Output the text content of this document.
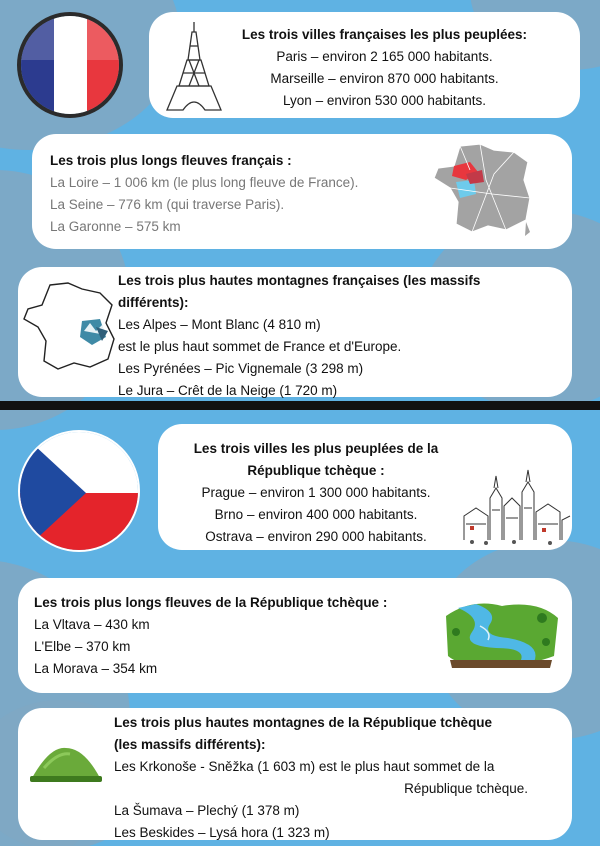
Les trois villes françaises les plus peuplées:

Paris – environ 2 165 000 habitants.

Marseille – environ 870 000 habitants.

Lyon – environ 530 000 habitants.

Les trois plus longs fleuves français :

La Loire – 1 006 km (le plus long fleuve de France).

La Seine – 776 km (qui traverse Paris).

La Garonne – 575 km

Les trois plus hautes montagnes françaises (les massifs

différents):

Les Alpes – Mont Blanc (4 810 m)

est le plus haut sommet de France et d'Europe.

Les Pyrénées – Pic Vignemale (3 298 m)

Le Jura – Crêt de la Neige (1 720 m)

Les trois villes les plus peuplées de la

République tchèque :

Prague – environ 1 300 000 habitants.

Brno – environ 400 000 habitants.

Ostrava – environ 290 000 habitants.

Les trois plus longs fleuves de la République tchèque :

La Vltava – 430 km

L'Elbe – 370 km

La Morava – 354 km

Les trois plus hautes montagnes de la République tchèque

(les massifs différents):

Les Krkonoše - Sněžka (1 603 m) est le plus haut sommet de la

République tchèque.

La Šumava – Plechý (1 378 m)

Les Beskides – Lysá hora (1 323 m)
